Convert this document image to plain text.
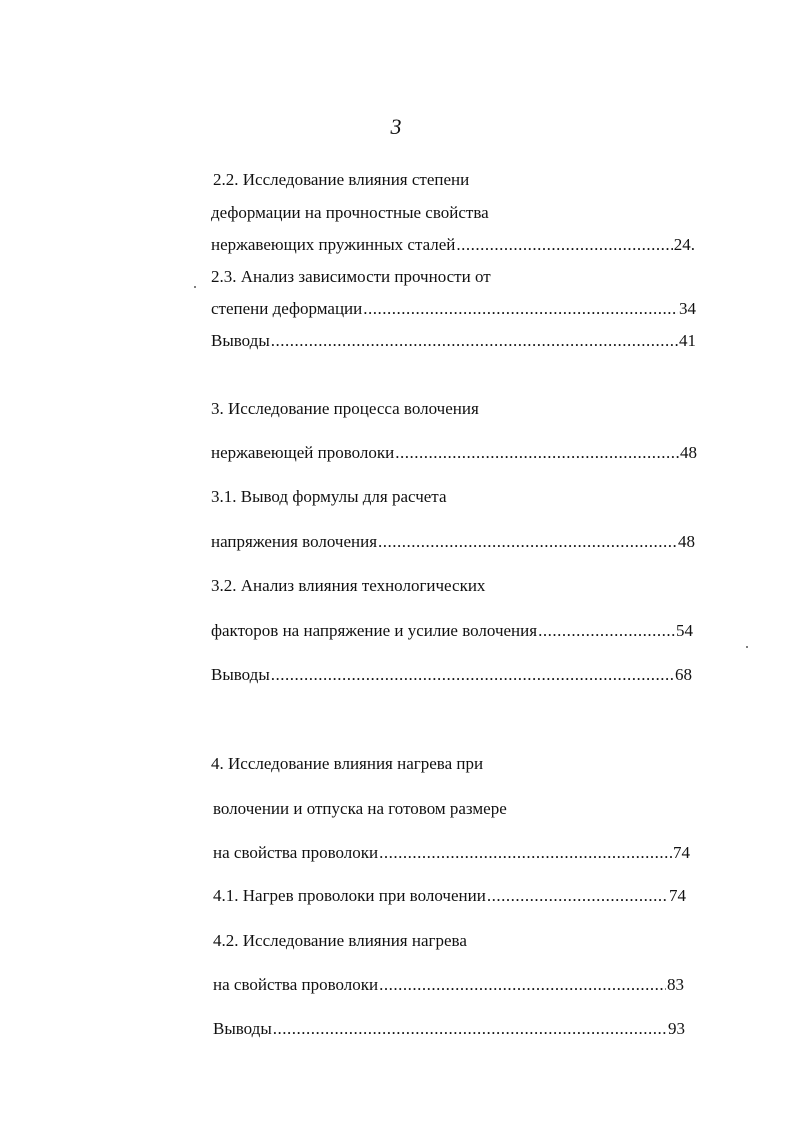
3
2.2. Исследование влияния степени
деформации на прочностные свойства
нержавеющих пружинных сталей .....	24.
2.3. Анализ зависимости прочности от
степени деформации .....	34
Выводы .....	41
3. Исследование процесса волочения
нержавеющей проволоки .....	48
3.1. Вывод формулы для расчета
напряжения волочения .....	48
3.2. Анализ влияния технологических
факторов на напряжение и усилие волочения .....	54
Выводы .....	68
4. Исследование влияния нагрева при
волочении и отпуска на готовом размере
на свойства проволоки .....	74
4.1. Нагрев проволоки при волочении .....	74
4.2. Исследование влияния нагрева
на свойства проволоки .....	83
Выводы .....	93
